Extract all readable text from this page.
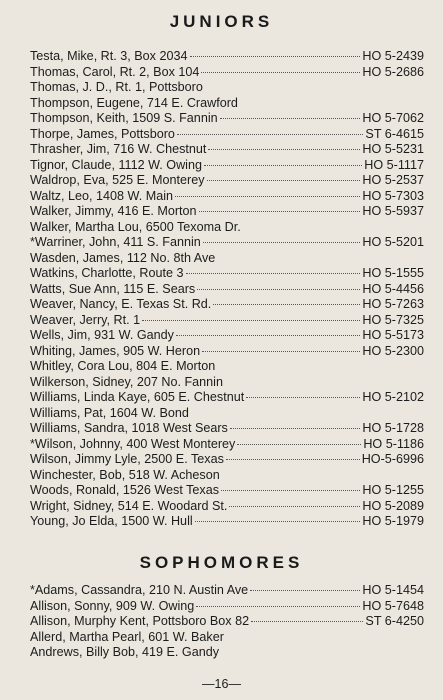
JUNIORS
Testa, Mike, Rt. 3, Box 2034	HO 5-2439
Thomas, Carol, Rt. 2, Box 104	HO 5-2686
Thomas, J. D., Rt. 1, Pottsboro
Thompson, Eugene, 714 E. Crawford
Thompson, Keith, 1509 S. Fannin	HO 5-7062
Thorpe, James, Pottsboro	ST 6-4615
Thrasher, Jim, 716 W. Chestnut	HO 5-5231
Tignor, Claude, 1112 W. Owing	HO 5-1117
Waldrop, Eva, 525 E. Monterey	HO 5-2537
Waltz, Leo, 1408 W. Main	HO 5-7303
Walker, Jimmy, 416 E. Morton	HO 5-5937
Walker, Martha Lou, 6500 Texoma Dr.
*Warriner, John, 411 S. Fannin	HO 5-5201
Wasden, James, 112 No. 8th Ave
Watkins, Charlotte, Route 3	HO 5-1555
Watts, Sue Ann, 115 E. Sears	HO 5-4456
Weaver, Nancy, E. Texas St. Rd.	HO 5-7263
Weaver, Jerry, Rt. 1	HO 5-7325
Wells, Jim, 931 W. Gandy	HO 5-5173
Whiting, James, 905 W. Heron	HO 5-2300
Whitley, Cora Lou, 804 E. Morton
Wilkerson, Sidney, 207 No. Fannin
Williams, Linda Kaye, 605 E. Chestnut	HO 5-2102
Williams, Pat, 1604 W. Bond
Williams, Sandra, 1018 West Sears	HO 5-1728
*Wilson, Johnny, 400 West Monterey	HO 5-1186
Wilson, Jimmy Lyle, 2500 E. Texas	HO-5-6996
Winchester, Bob, 518 W. Acheson
Woods, Ronald, 1526 West Texas	HO 5-1255
Wright, Sidney, 514 E. Woodard St.	HO 5-2089
Young, Jo Elda, 1500 W. Hull	HO 5-1979
SOPHOMORES
*Adams, Cassandra, 210 N. Austin Ave	HO 5-1454
Allison, Sonny, 909 W. Owing	HO 5-7648
Allison, Murphy Kent, Pottsboro Box 82	ST 6-4250
Allerd, Martha Pearl, 601 W. Baker
Andrews, Billy Bob, 419 E. Gandy
—16—
